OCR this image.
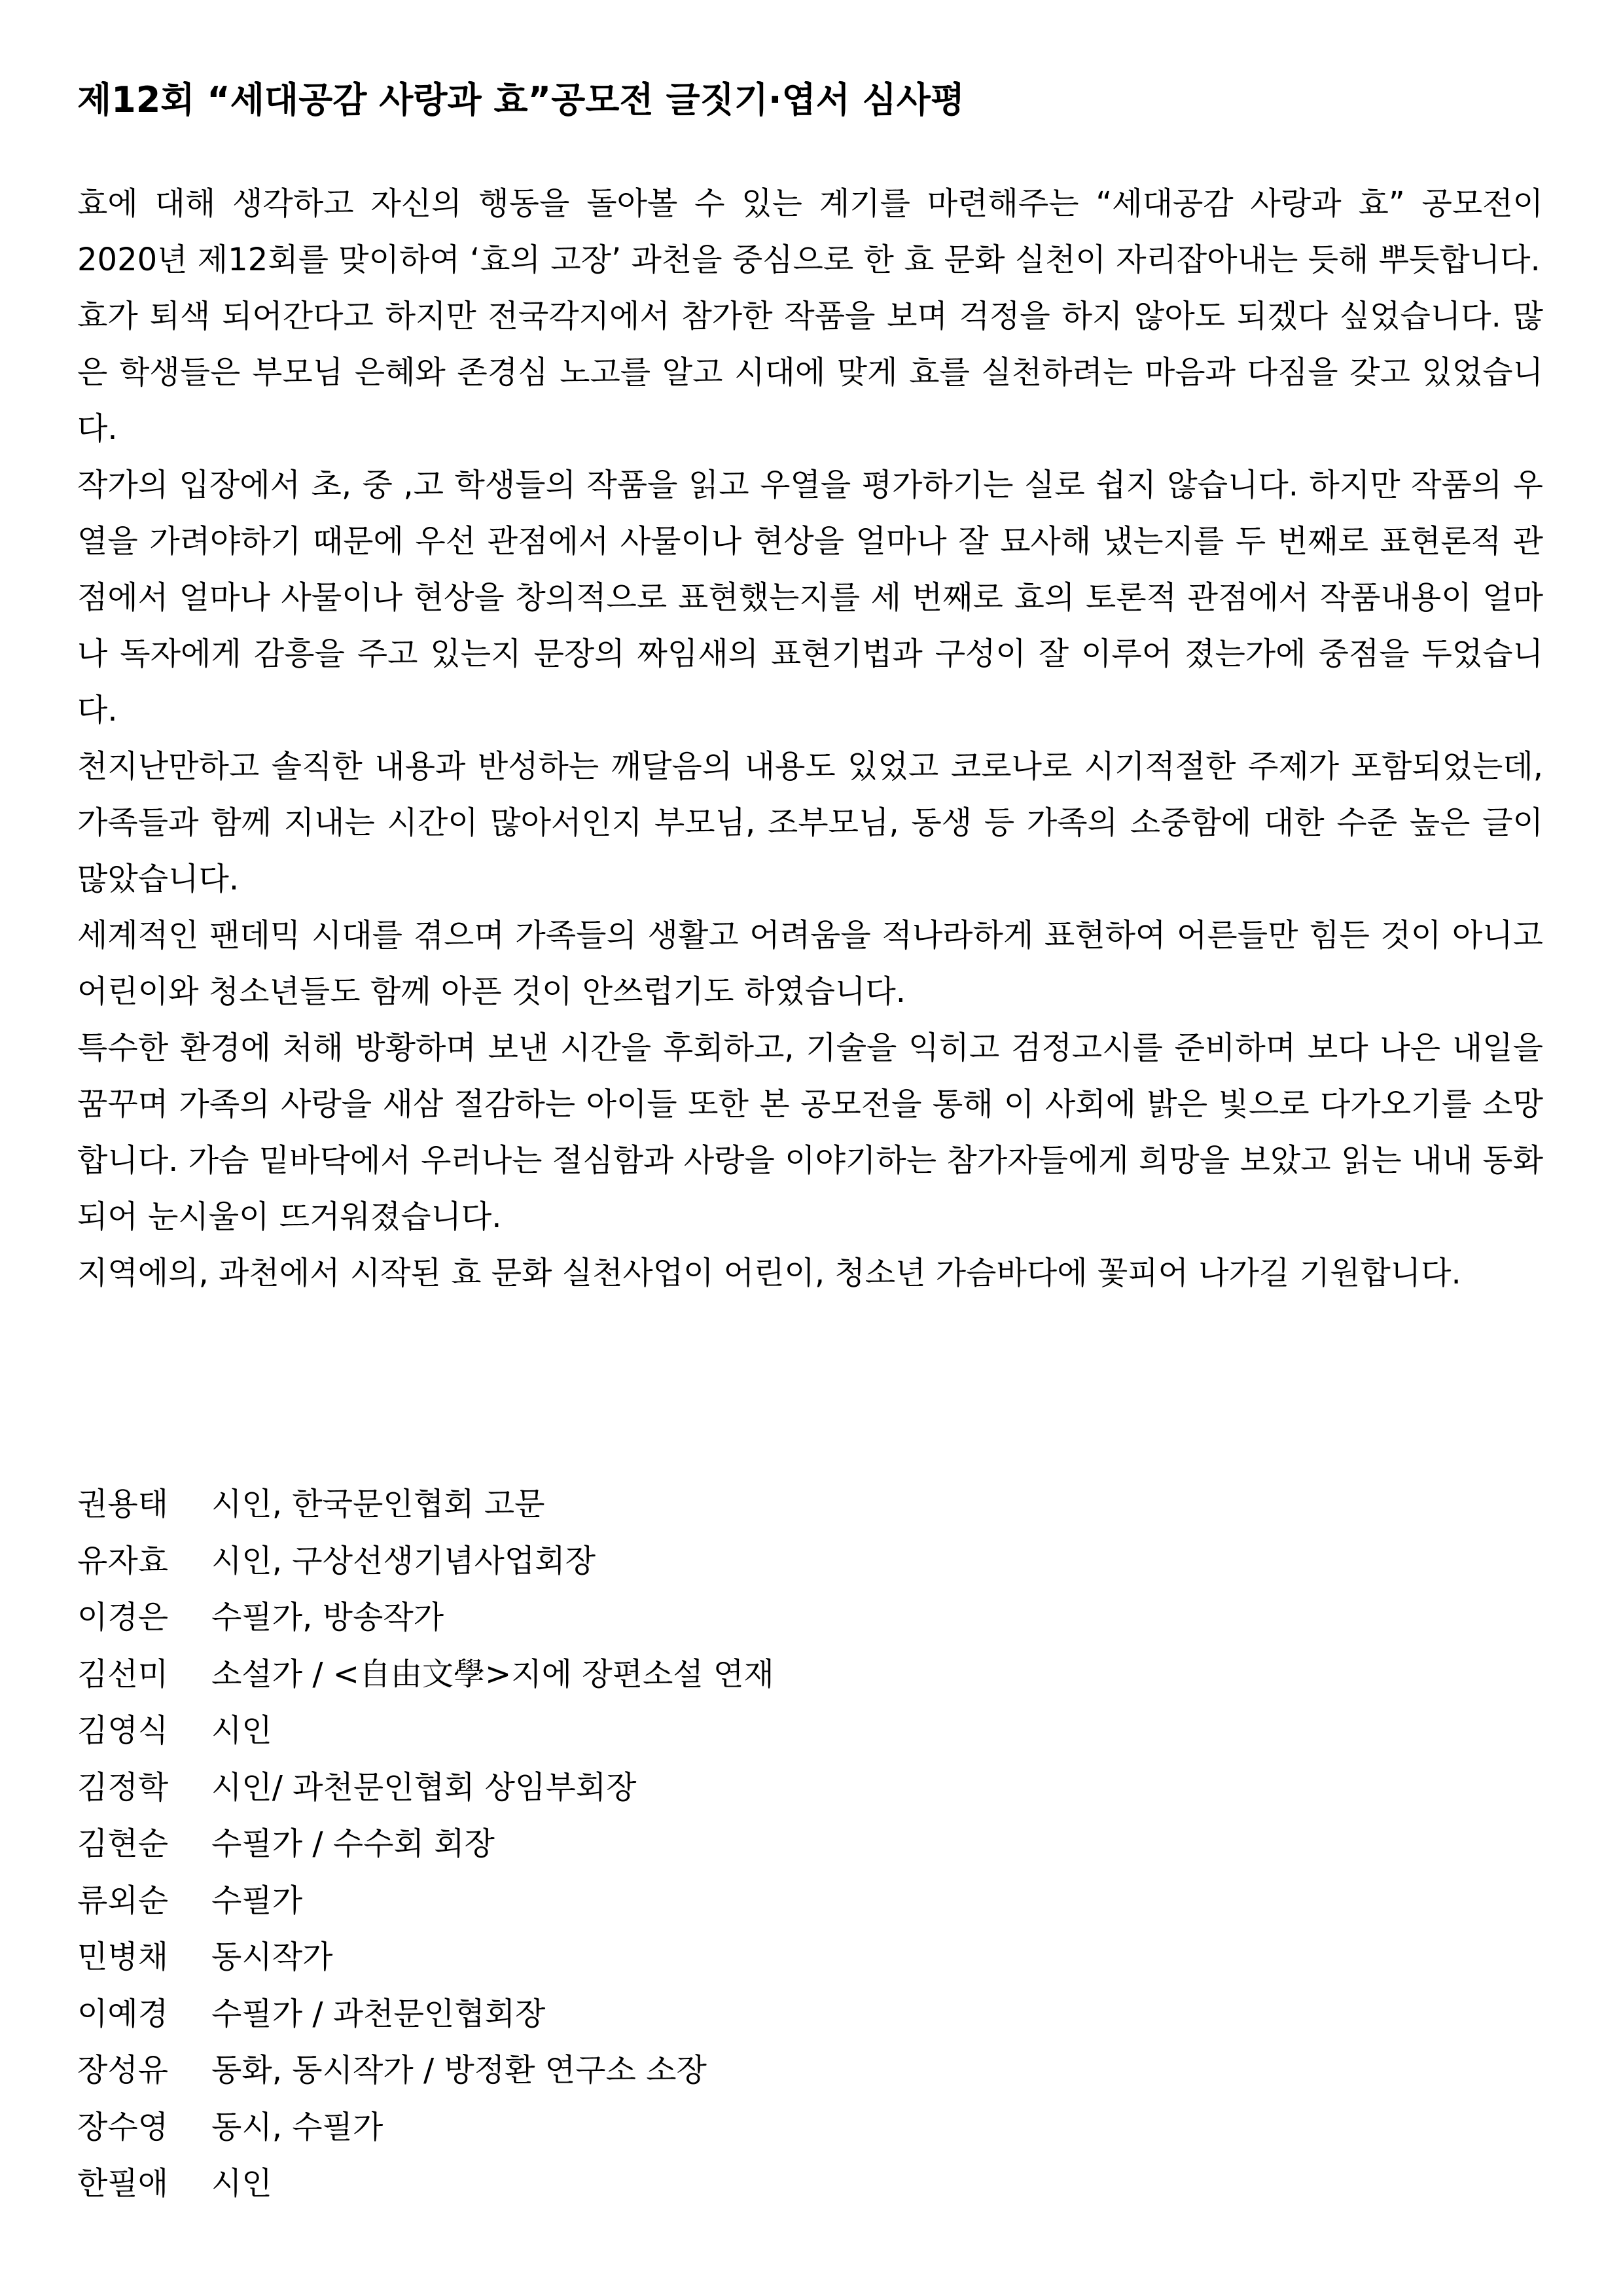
제12회 “세대공감 사랑과 효”공모전 글짓기·엽서 심사평

효에 대해 생각하고 자신의 행동을 돌아볼 수 있는 계기를 마련해주는 “세대공감 사랑과 효” 공모전이 2020년 제12회를 맞이하여 ‘효의 고장’ 과천을 중심으로 한 효 문화 실천이 자리잡아내는 듯해 뿌듯합니다.

효가 퇴색 되어간다고 하지만 전국각지에서 참가한 작품을 보며 걱정을 하지 않아도 되겠다 싶었습니다. 많은 학생들은 부모님 은혜와 존경심 노고를 알고 시대에 맞게 효를 실천하려는 마음과 다짐을 갖고 있었습니다.

작가의 입장에서 초, 중 ,고 학생들의 작품을 읽고 우열을 평가하기는 실로 쉽지 않습니다. 하지만 작품의 우열을 가려야하기 때문에 우선 관점에서 사물이나 현상을 얼마나 잘 묘사해 냈는지를 두 번째로 표현론적 관점에서 얼마나 사물이나 현상을 창의적으로 표현했는지를 세 번째로 효의 토론적 관점에서 작품내용이 얼마나 독자에게 감흥을 주고 있는지 문장의 짜임새의 표현기법과 구성이 잘 이루어 졌는가에 중점을 두었습니다.

천지난만하고 솔직한 내용과 반성하는 깨달음의 내용도 있었고 코로나로 시기적절한 주제가 포함되었는데, 가족들과 함께 지내는 시간이 많아서인지 부모님, 조부모님, 동생 등 가족의 소중함에 대한 수준 높은 글이 많았습니다.

세계적인 팬데믹 시대를 겪으며 가족들의 생활고 어려움을 적나라하게 표현하여 어른들만 힘든 것이 아니고 어린이와 청소년들도 함께 아픈 것이 안쓰럽기도 하였습니다.

특수한 환경에 처해 방황하며 보낸 시간을 후회하고, 기술을 익히고 검정고시를 준비하며 보다 나은 내일을 꿈꾸며 가족의 사랑을 새삼 절감하는 아이들 또한 본 공모전을 통해 이 사회에 밝은 빛으로 다가오기를 소망합니다. 가슴 밑바닥에서 우러나는 절심함과 사랑을 이야기하는 참가자들에게 희망을 보았고 읽는 내내 동화되어 눈시울이 뜨거워졌습니다.

지역에의, 과천에서 시작된 효 문화 실천사업이 어린이, 청소년 가슴바다에 꽃피어 나가길 기원합니다.

권용태	시인, 한국문인협회 고문
유자효	시인, 구상선생기념사업회장
이경은	수필가, 방송작가
김선미	소설가 / <自由文學>지에 장편소설 연재
김영식	시인
김정학	시인/ 과천문인협회 상임부회장
김현순	수필가 / 수수회 회장
류외순	수필가
민병채	동시작가
이예경	수필가 / 과천문인협회장
장성유	동화, 동시작가 / 방정환 연구소 소장
장수영	동시, 수필가
한필애	시인
